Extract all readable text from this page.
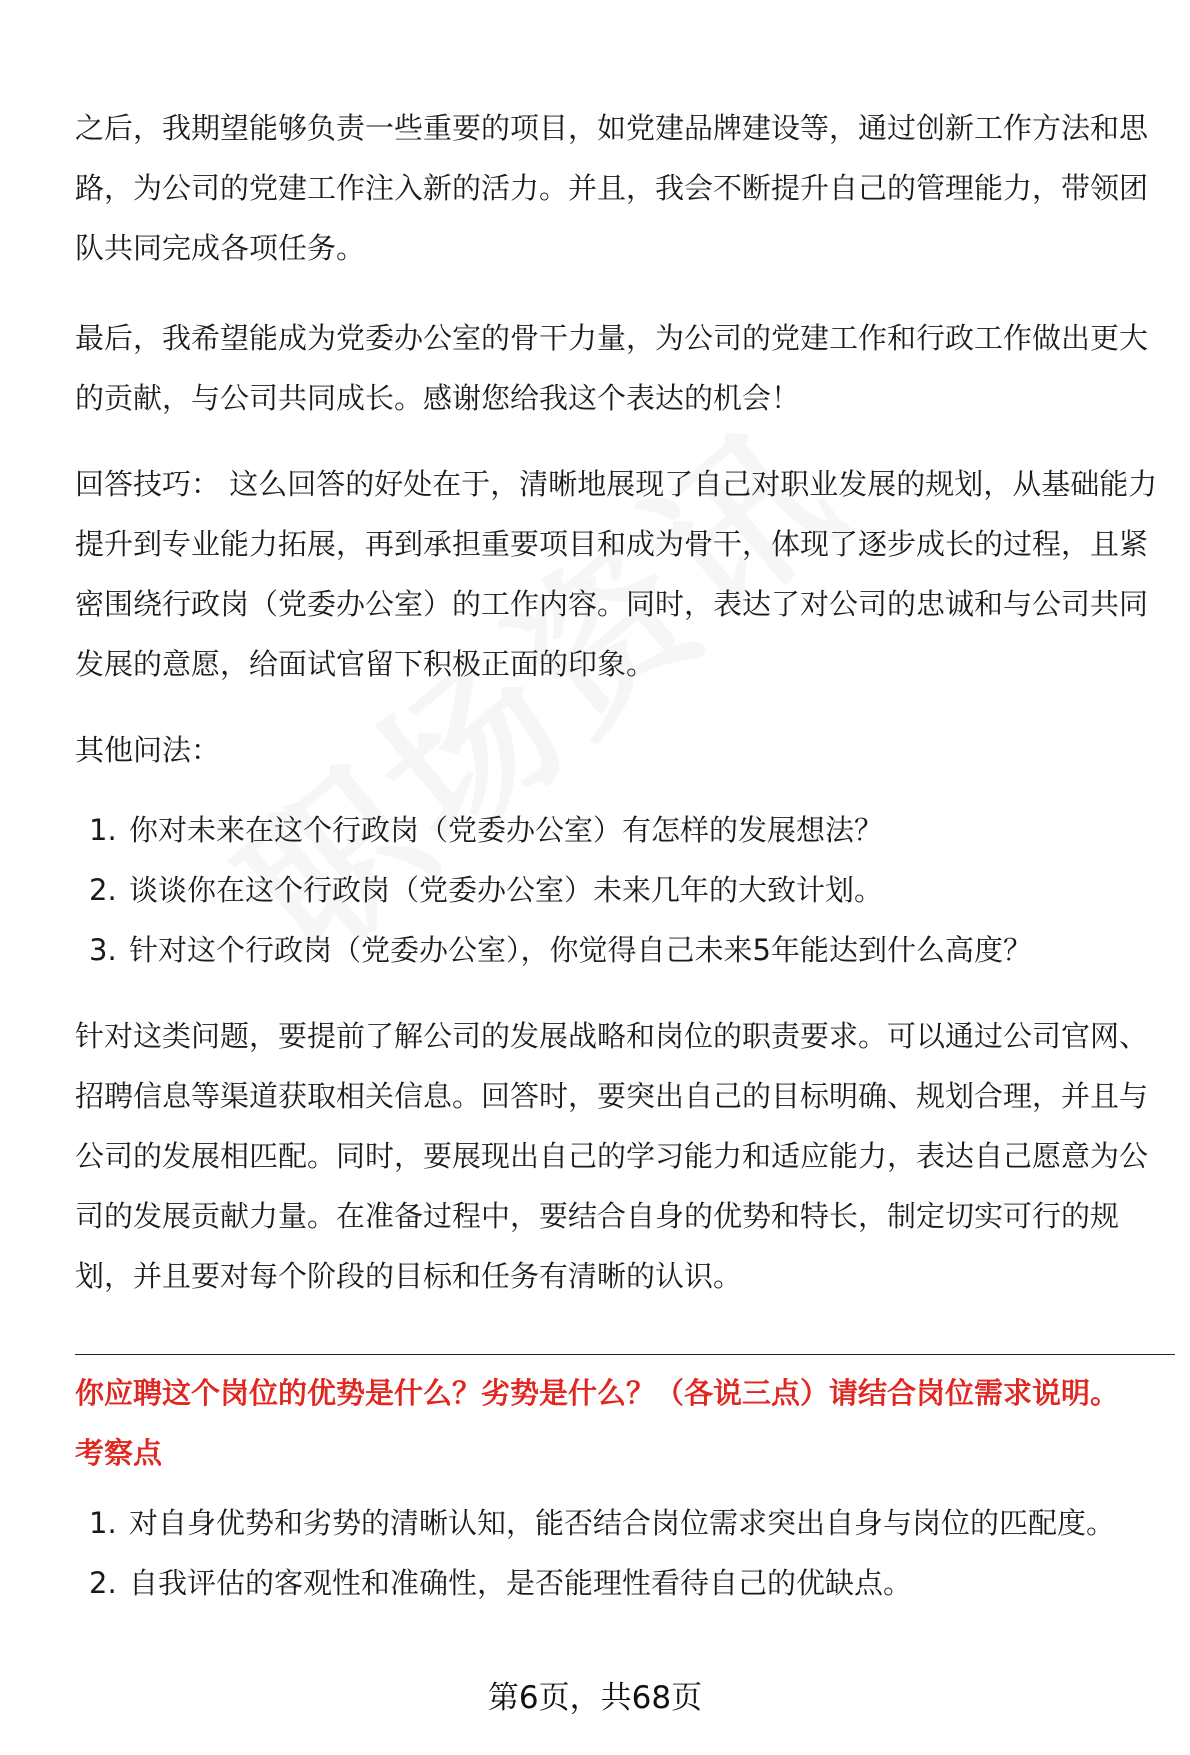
之后，我期望能够负责一些重要的项目，如党建品牌建设等，通过创新工作方法和思路，为公司的党建工作注入新的活力。并且，我会不断提升自己的管理能力，带领团队共同完成各项任务。

最后，我希望能成为党委办公室的骨干力量，为公司的党建工作和行政工作做出更大的贡献，与公司共同成长。感谢您给我这个表达的机会！

回答技巧： 这么回答的好处在于，清晰地展现了自己对职业发展的规划，从基础能力提升到专业能力拓展，再到承担重要项目和成为骨干，体现了逐步成长的过程，且紧密围绕行政岗（党委办公室）的工作内容。同时，表达了对公司的忠诚和与公司共同发展的意愿，给面试官留下积极正面的印象。

其他问法：

1. 你对未来在这个行政岗（党委办公室）有怎样的发展想法？
2. 谈谈你在这个行政岗（党委办公室）未来几年的大致计划。
3. 针对这个行政岗（党委办公室），你觉得自己未来5年能达到什么高度？

针对这类问题，要提前了解公司的发展战略和岗位的职责要求。可以通过公司官网、招聘信息等渠道获取相关信息。回答时，要突出自己的目标明确、规划合理，并且与公司的发展相匹配。同时，要展现出自己的学习能力和适应能力，表达自己愿意为公司的发展贡献力量。在准备过程中，要结合自身的优势和特长，制定切实可行的规划，并且要对每个阶段的目标和任务有清晰的认识。

你应聘这个岗位的优势是什么？劣势是什么？（各说三点）请结合岗位需求说明。

考察点

1. 对自身优势和劣势的清晰认知，能否结合岗位需求突出自身与岗位的匹配度。
2. 自我评估的客观性和准确性，是否能理性看待自己的优缺点。
第6页，共68页
